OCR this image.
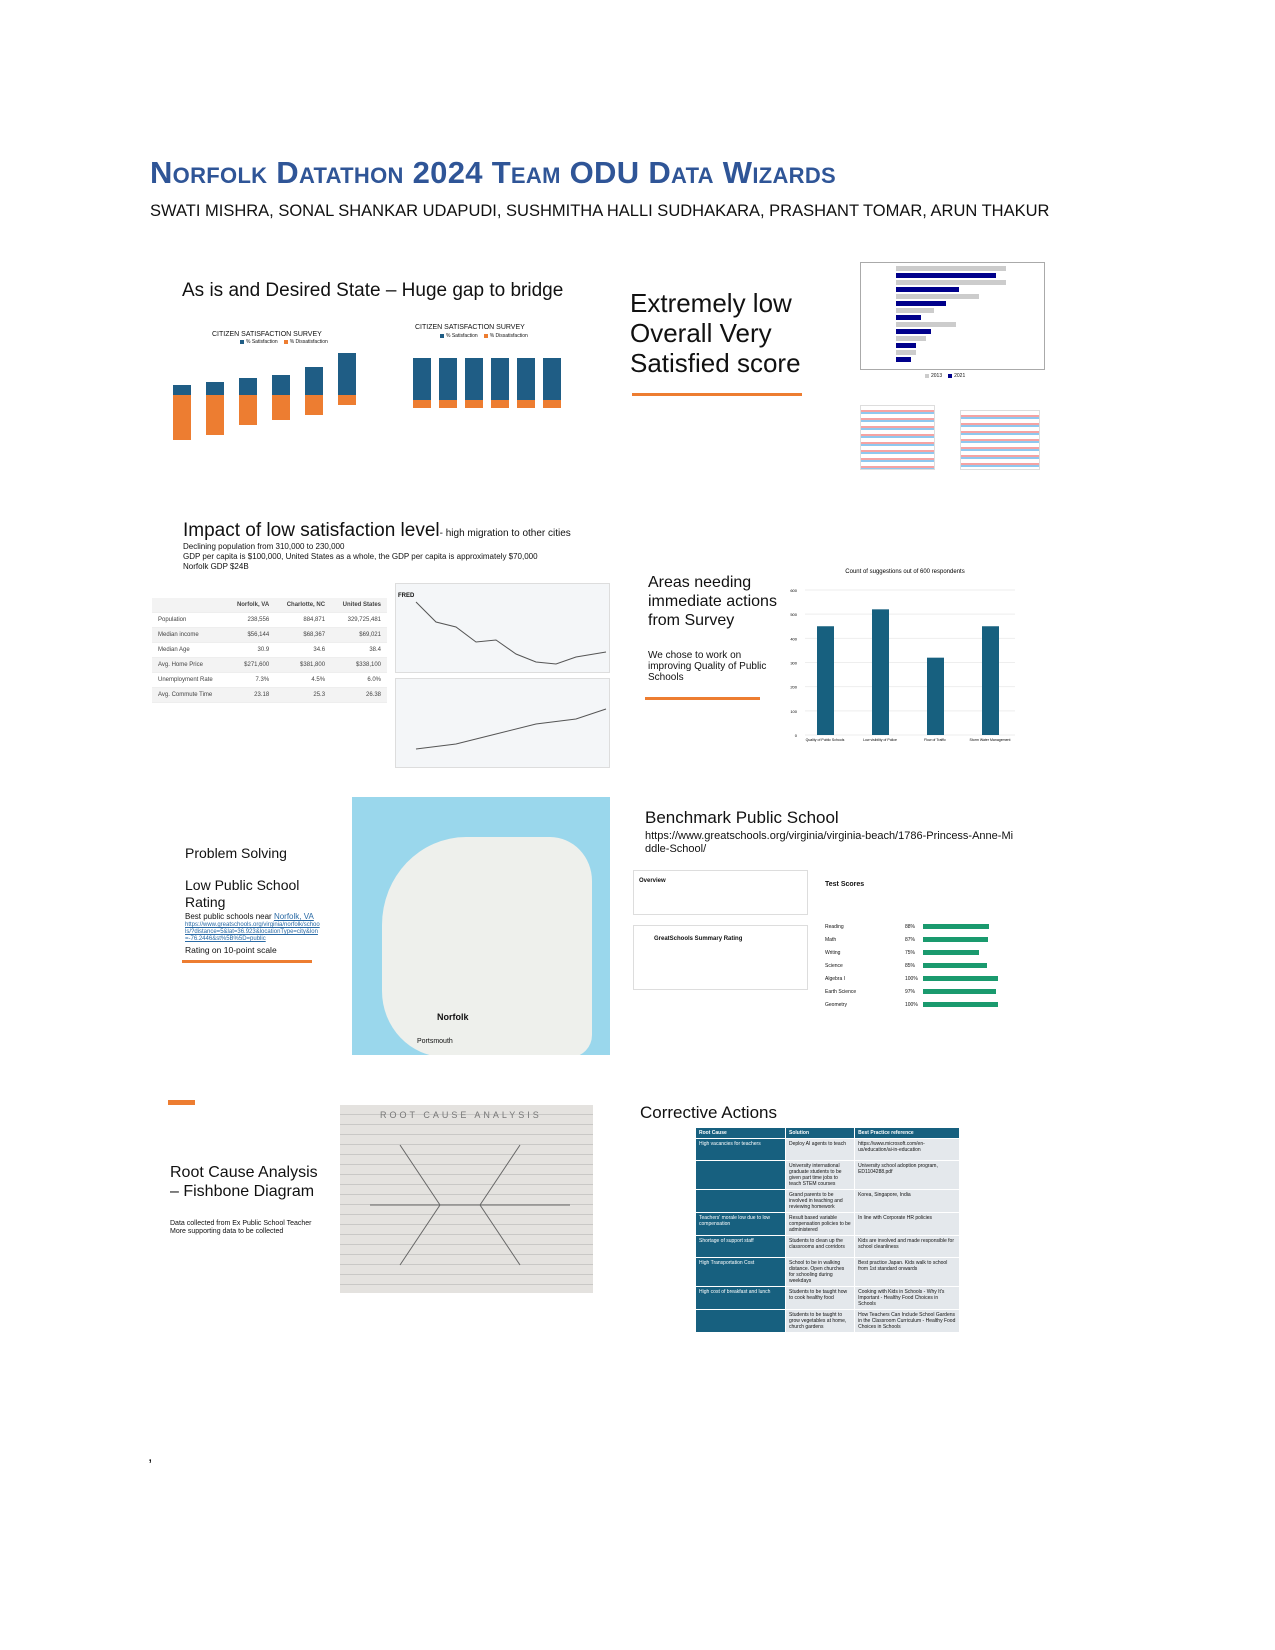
Norfolk Datathon 2024 Team ODU Data Wizards
SWATI MISHRA, SONAL SHANKAR UDAPUDI, SUSHMITHA HALLI SUDHAKARA, PRASHANT TOMAR, ARUN THAKUR
As is and Desired State – Huge gap to bridge
CITIZEN SATISFACTION SURVEY
% Satisfaction	% Dissatisfaction
CITIZEN SATISFACTION SURVEY
% Satisfaction	% Dissatisfaction
Extremely low Overall Very Satisfied score	2013	2021
Impact of low satisfaction level- high migration to other cities
Declining population from 310,000 to 230,000
GDP per capita is $100,000, United States as a whole, the GDP per capita is approximately $70,000
Norfolk GDP $24B
	Norfolk, VA	Charlotte, NC	United States
Population	238,556	884,871	329,725,481
Median income	$56,144	$68,367	$69,021
Median Age	30.9	34.6	38.4
Avg. Home Price	$271,600	$381,800	$338,100
Unemployment Rate	7.3%	4.5%	6.0%
Avg. Commute Time	23.18	25.3	26.38
FRED
Areas needing immediate actions from Survey
We chose to work on improving Quality of Public Schools
Count of suggestions out of 600 respondents
0
100
200
300
400
500
600
Quality of Public Schools	Low visibility of Police	Flow of Traffic	Storm Water Management
Problem Solving
Low Public School Rating
Best public schools near Norfolk, VA
https://www.greatschools.org/virginia/norfolk/schools/?distance=5&lat=36.923&locationType=city&lon=-76.2446&st%5B%5D=public
Rating on 10-point scale
Norfolk
Portsmouth
Benchmark Public School
https://www.greatschools.org/virginia/virginia-beach/1786-Princess-Anne-Middle-School/
Overview
GreatSchools Summary Rating
Test Scores
Reading	88%
Math	87%
Writing	75%
Science	85%
Algebra I	100%
Earth Science	97%
Geometry	100%
Root Cause Analysis – Fishbone Diagram
Data collected from Ex Public School Teacher
More supporting data to be collected
ROOT CAUSE ANALYSIS	Corrective Actions
Root Cause	Solution	Best Practice reference
High vacancies for teachers	Deploy AI agents to teach	https://www.microsoft.com/en-us/education/ai-in-education
	University international graduate students to be given part time jobs to teach STEM courses	University school adoption program, ED1104288.pdf
	Grand parents to be involved in teaching and reviewing homework	Korea, Singapore, India
Teachers' morale low due to low compensation	Result based variable compensation policies to be administered	In line with Corporate HR policies
Shortage of support staff	Students to clean up the classrooms and corridors	Kids are involved and made responsible for school cleanliness
High Transportation Cost	School to be in walking distance. Open churches for schooling during weekdays	Best practice Japan. Kids walk to school from 1st standard onwards
High cost of breakfast and lunch	Students to be taught how to cook healthy food	Cooking with Kids in Schools - Why It's Important - Healthy Food Choices in Schools
	Students to be taught to grow vegetables at home, church gardens	How Teachers Can Include School Gardens in the Classroom Curriculum - Healthy Food Choices in Schools
,
